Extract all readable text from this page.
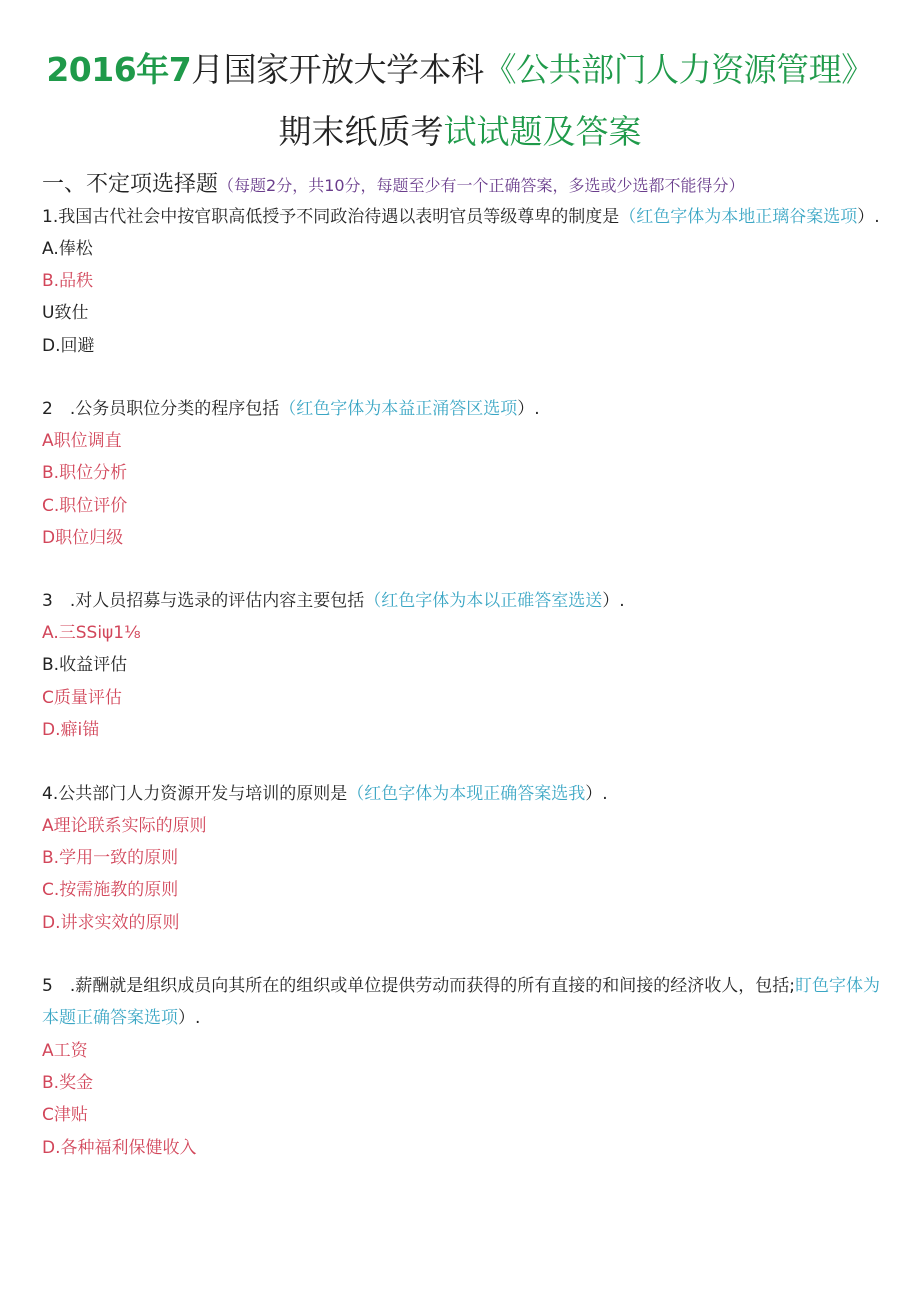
2016年7月国家开放大学本科《公共部门人力资源管理》
期末纸质考试试题及答案
一、不定项选择题（每题2分，共10分，每题至少有一个正确答案，多选或少选都不能得分）
1.我国古代社会中按官职高低授予不同政治待遇以表明官员等级尊卑的制度是（红色字体为本地正璃谷案选项）.
A.俸松
B.品秩
U致仕
D.回避
2　.公务员职位分类的程序包括（红色字体为本益正涌答区选项）.
A职位调直
B.职位分析
C.职位评价
D职位归级
3　.对人员招募与选录的评估内容主要包括（红色字体为本以正碓答室选送）.
A.三SSiψ1⅛
B.收益评估
C质量评估
D.癖i锚
4.公共部门人力资源开发与培训的原则是（红色字体为本现正确答案选我）.
A理论联系实际的原则
B.学用一致的原则
C.按需施教的原则
D.讲求实效的原则
5　.薪酬就是组织成员向其所在的组织或单位提供劳动而获得的所有直接的和间接的经济收人，包括;盯色字体为
本题正确答案选项）.
A工资
B.奖金
C津贴
D.各种福利保健收入
